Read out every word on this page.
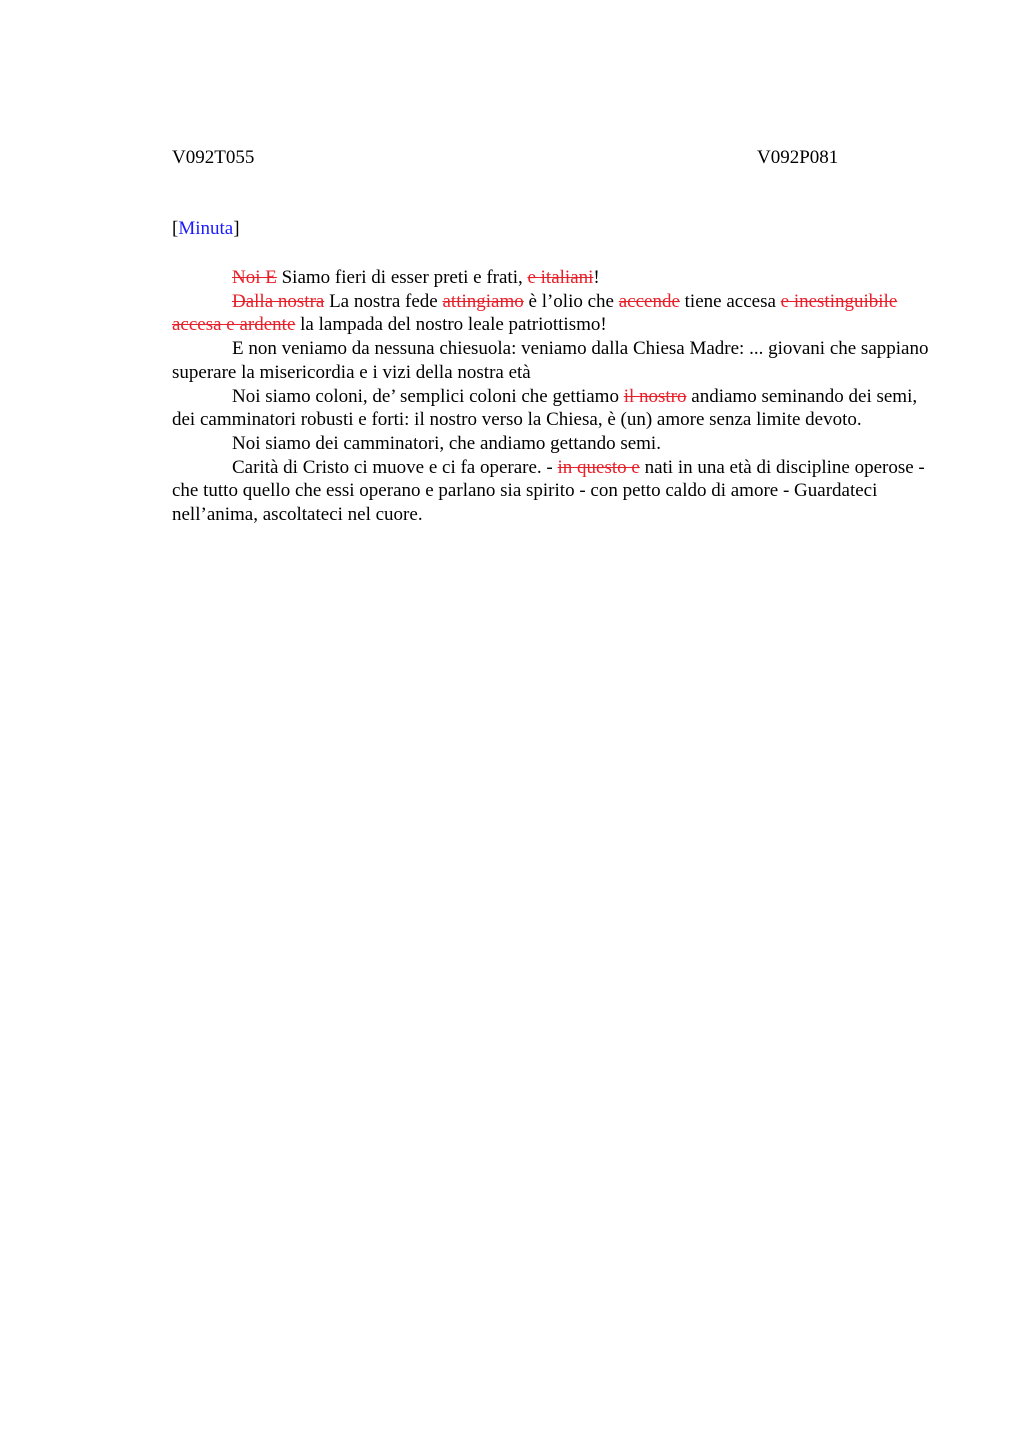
V092T055	V092P081
[Minuta]

Noi E Siamo fieri di esser preti e frati, e italiani!

Dalla nostra La nostra fede attingiamo è l’olio che accende tiene accesa e inestinguibile accesa e ardente la lampada del nostro leale patriottismo!

E non veniamo da nessuna chiesuola: veniamo dalla Chiesa Madre: ... giovani che sappiano superare la misericordia e i vizi della nostra età

Noi siamo coloni, de’ semplici coloni che gettiamo il nostro andiamo seminando dei semi, dei camminatori robusti e forti: il nostro verso la Chiesa, è (un) amore senza limite devoto.

Noi siamo dei camminatori, che andiamo gettando semi.

Carità di Cristo ci muove e ci fa operare. - in questo e nati in una età di discipline operose - che tutto quello che essi operano e parlano sia spirito - con petto caldo di amore - Guardateci nell’anima, ascoltateci nel cuore.
